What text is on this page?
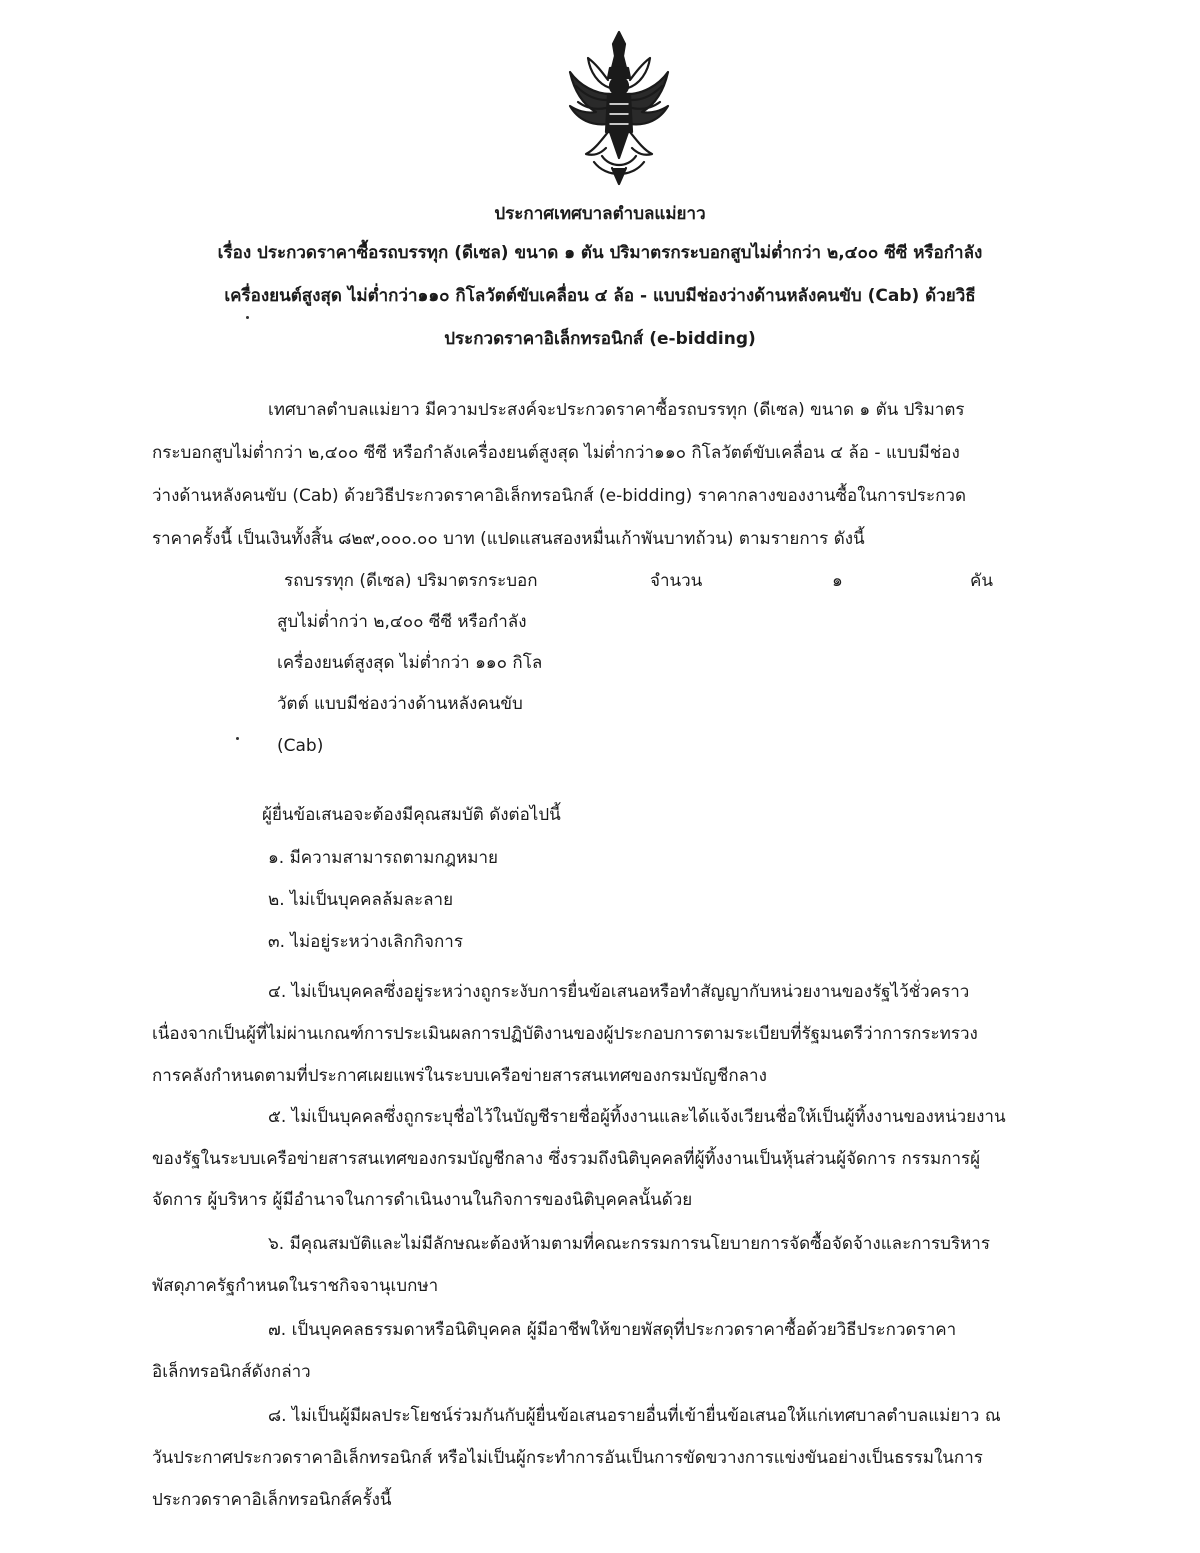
ประกาศเทศบาลตำบลแม่ยาว

เรื่อง ประกวดราคาซื้อรถบรรทุก (ดีเซล) ขนาด ๑ ตัน ปริมาตรกระบอกสูบไม่ต่ำกว่า ๒,๔๐๐ ซีซี หรือกำลัง

เครื่องยนต์สูงสุด ไม่ต่ำกว่า๑๑๐ กิโลวัตต์ขับเคลื่อน ๔ ล้อ - แบบมีช่องว่างด้านหลังคนขับ (Cab) ด้วยวิธี

ประกวดราคาอิเล็กทรอนิกส์ (e-bidding)

เทศบาลตำบลแม่ยาว มีความประสงค์จะประกวดราคาซื้อรถบรรทุก (ดีเซล) ขนาด ๑ ตัน ปริมาตร

กระบอกสูบไม่ต่ำกว่า ๒,๔๐๐ ซีซี หรือกำลังเครื่องยนต์สูงสุด ไม่ต่ำกว่า๑๑๐ กิโลวัตต์ขับเคลื่อน ๔ ล้อ - แบบมีช่อง

ว่างด้านหลังคนขับ (Cab) ด้วยวิธีประกวดราคาอิเล็กทรอนิกส์ (e-bidding) ราคากลางของงานซื้อในการประกวด

ราคาครั้งนี้ เป็นเงินทั้งสิ้น ๘๒๙,๐๐๐.๐๐ บาท (แปดแสนสองหมื่นเก้าพันบาทถ้วน) ตามรายการ ดังนี้

รถบรรทุก (ดีเซล) ปริมาตรกระบอก	จำนวน	๑	คัน

สูบไม่ต่ำกว่า ๒,๔๐๐ ซีซี หรือกำลัง

เครื่องยนต์สูงสุด ไม่ต่ำกว่า ๑๑๐ กิโล

วัตต์ แบบมีช่องว่างด้านหลังคนขับ

(Cab)

ผู้ยื่นข้อเสนอจะต้องมีคุณสมบัติ ดังต่อไปนี้

๑. มีความสามารถตามกฎหมาย

๒. ไม่เป็นบุคคลล้มละลาย

๓. ไม่อยู่ระหว่างเลิกกิจการ

๔. ไม่เป็นบุคคลซึ่งอยู่ระหว่างถูกระงับการยื่นข้อเสนอหรือทำสัญญากับหน่วยงานของรัฐไว้ชั่วคราว

เนื่องจากเป็นผู้ที่ไม่ผ่านเกณฑ์การประเมินผลการปฏิบัติงานของผู้ประกอบการตามระเบียบที่รัฐมนตรีว่าการกระทรวง

การคลังกำหนดตามที่ประกาศเผยแพร่ในระบบเครือข่ายสารสนเทศของกรมบัญชีกลาง

๕. ไม่เป็นบุคคลซึ่งถูกระบุชื่อไว้ในบัญชีรายชื่อผู้ทิ้งงานและได้แจ้งเวียนชื่อให้เป็นผู้ทิ้งงานของหน่วยงาน

ของรัฐในระบบเครือข่ายสารสนเทศของกรมบัญชีกลาง ซึ่งรวมถึงนิติบุคคลที่ผู้ทิ้งงานเป็นหุ้นส่วนผู้จัดการ กรรมการผู้

จัดการ ผู้บริหาร ผู้มีอำนาจในการดำเนินงานในกิจการของนิติบุคคลนั้นด้วย

๖. มีคุณสมบัติและไม่มีลักษณะต้องห้ามตามที่คณะกรรมการนโยบายการจัดซื้อจัดจ้างและการบริหาร

พัสดุภาครัฐกำหนดในราชกิจจานุเบกษา

๗. เป็นบุคคลธรรมดาหรือนิติบุคคล ผู้มีอาชีพให้ขายพัสดุที่ประกวดราคาซื้อด้วยวิธีประกวดราคา

อิเล็กทรอนิกส์ดังกล่าว

๘. ไม่เป็นผู้มีผลประโยชน์ร่วมกันกับผู้ยื่นข้อเสนอรายอื่นที่เข้ายื่นข้อเสนอให้แก่เทศบาลตำบลแม่ยาว ณ

วันประกาศประกวดราคาอิเล็กทรอนิกส์ หรือไม่เป็นผู้กระทำการอันเป็นการขัดขวางการแข่งขันอย่างเป็นธรรมในการ

ประกวดราคาอิเล็กทรอนิกส์ครั้งนี้
